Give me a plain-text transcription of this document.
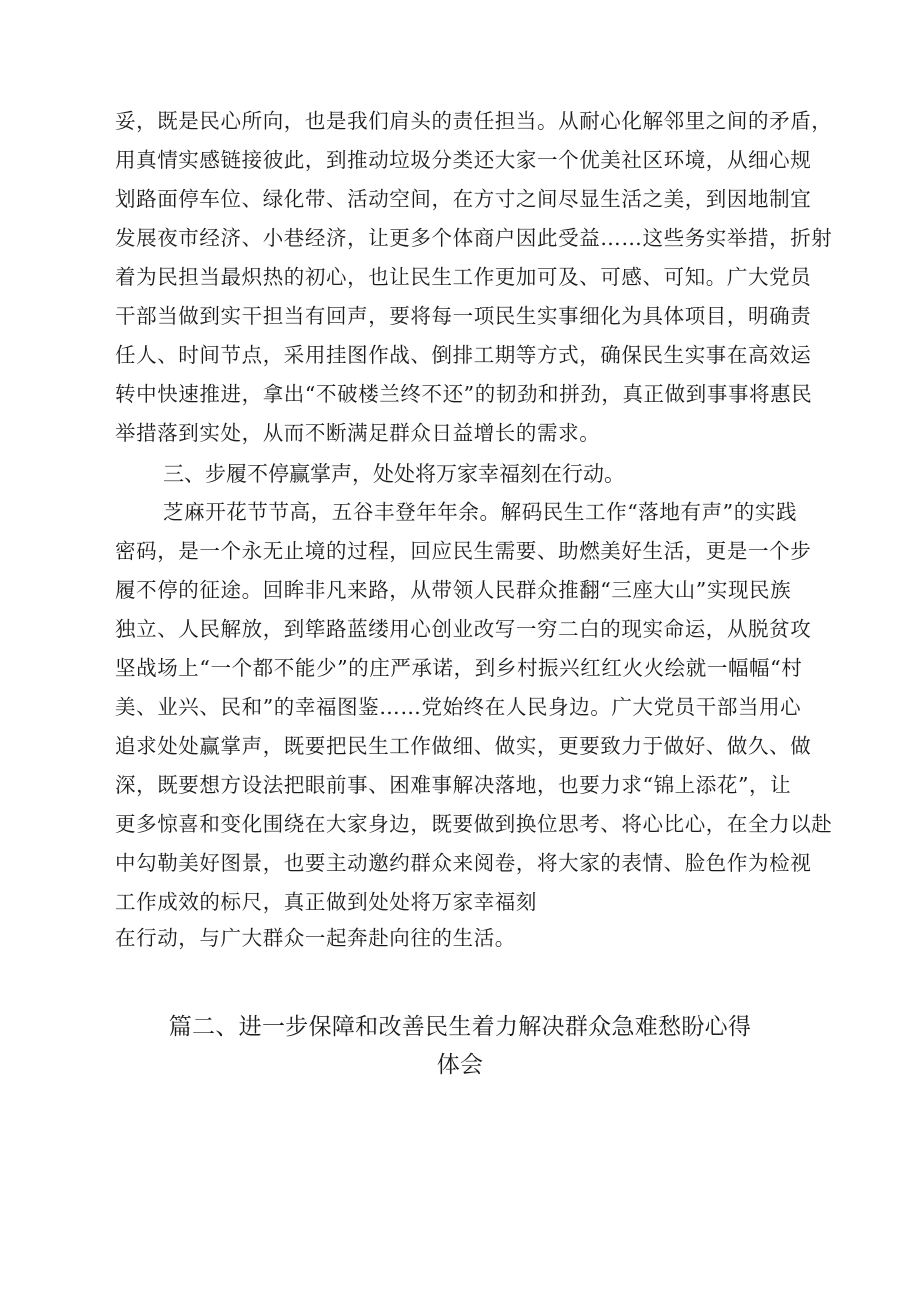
妥，既是民心所向，也是我们肩头的责任担当。从耐心化解邻里之间的矛盾，
用真情实感链接彼此，到推动垃圾分类还大家一个优美社区环境，从细心规
划路面停车位、绿化带、活动空间，在方寸之间尽显生活之美，到因地制宜
发展夜市经济、小巷经济，让更多个体商户因此受益……这些务实举措，折射
着为民担当最炽热的初心，也让民生工作更加可及、可感、可知。广大党员
干部当做到实干担当有回声，要将每一项民生实事细化为具体项目，明确责
任人、时间节点，采用挂图作战、倒排工期等方式，确保民生实事在高效运
转中快速推进，拿出“不破楼兰终不还”的韧劲和拼劲，真正做到事事将惠民
举措落到实处，从而不断满足群众日益增长的需求。
三、步履不停赢掌声，处处将万家幸福刻在行动。
芝麻开花节节高，五谷丰登年年余。解码民生工作“落地有声”的实践
密码，是一个永无止境的过程，回应民生需要、助燃美好生活，更是一个步
履不停的征途。回眸非凡来路，从带领人民群众推翻“三座大山”实现民族
独立、人民解放，到筚路蓝缕用心创业改写一穷二白的现实命运，从脱贫攻
坚战场上“一个都不能少”的庄严承诺，到乡村振兴红红火火绘就一幅幅“村
美、业兴、民和”的幸福图鉴……党始终在人民身边。广大党员干部当用心
追求处处赢掌声，既要把民生工作做细、做实，更要致力于做好、做久、做
深，既要想方设法把眼前事、困难事解决落地，也要力求“锦上添花”，让
更多惊喜和变化围绕在大家身边，既要做到换位思考、将心比心，在全力以赴
中勾勒美好图景，也要主动邀约群众来阅卷，将大家的表情、脸色作为检视
工作成效的标尺，真正做到处处将万家幸福刻
在行动，与广大群众一起奔赴向往的生活。
篇二、进一步保障和改善民生着力解决群众急难愁盼心得
体会
